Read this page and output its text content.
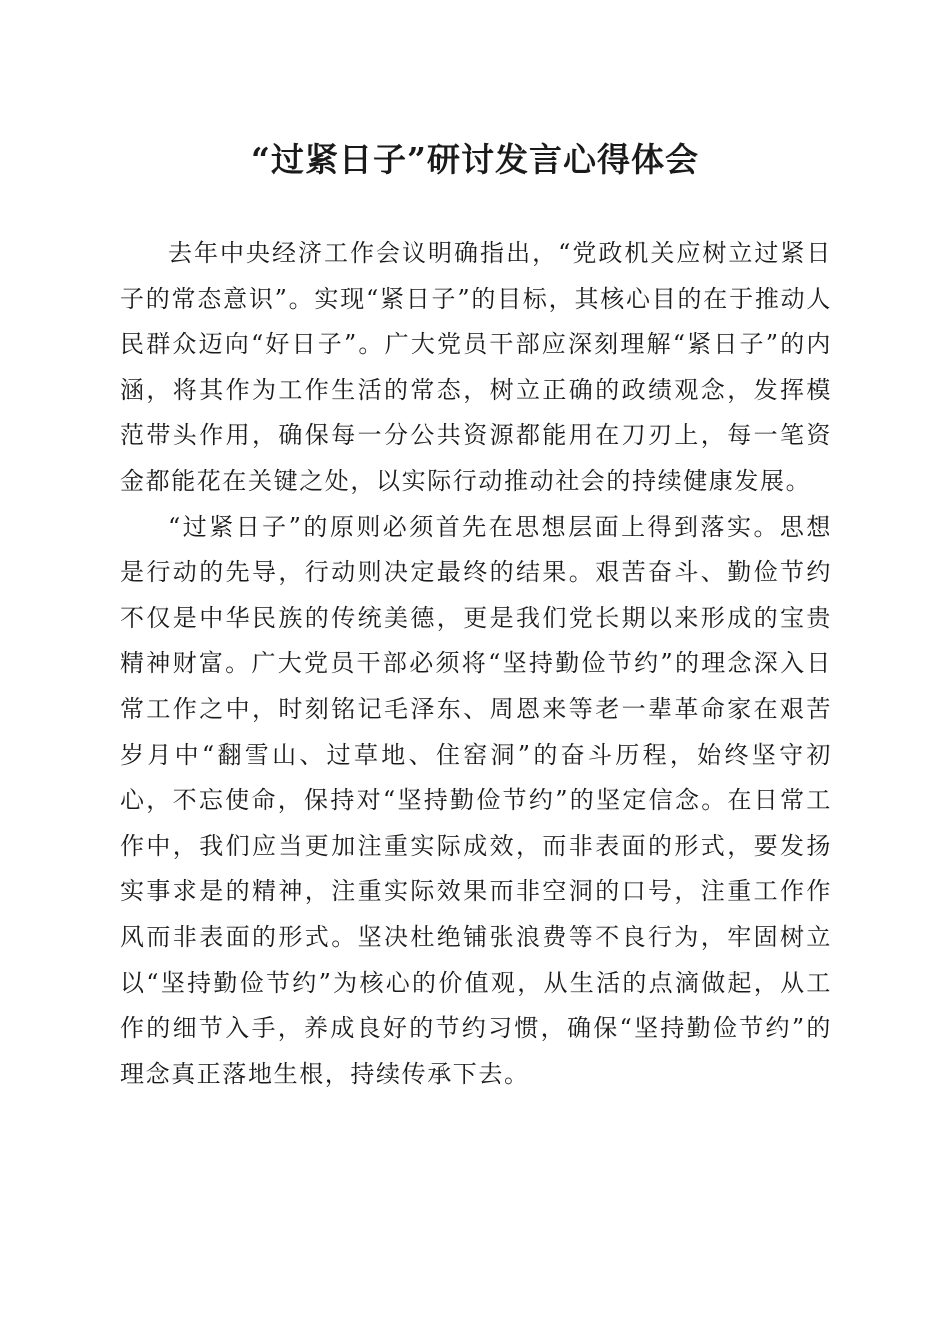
“过紧日子”研讨发言心得体会

去年中央经济工作会议明确指出，“党政机关应树立过紧日子的常态意识”。实现“紧日子”的目标，其核心目的在于推动人民群众迈向“好日子”。广大党员干部应深刻理解“紧日子”的内涵，将其作为工作生活的常态，树立正确的政绩观念，发挥模范带头作用，确保每一分公共资源都能用在刀刃上，每一笔资金都能花在关键之处，以实际行动推动社会的持续健康发展。

“过紧日子”的原则必须首先在思想层面上得到落实。思想是行动的先导，行动则决定最终的结果。艰苦奋斗、勤俭节约不仅是中华民族的传统美德，更是我们党长期以来形成的宝贵精神财富。广大党员干部必须将“坚持勤俭节约”的理念深入日常工作之中，时刻铭记毛泽东、周恩来等老一辈革命家在艰苦岁月中“翻雪山、过草地、住窑洞”的奋斗历程，始终坚守初心，不忘使命，保持对“坚持勤俭节约”的坚定信念。在日常工作中，我们应当更加注重实际成效，而非表面的形式，要发扬实事求是的精神，注重实际效果而非空洞的口号，注重工作作风而非表面的形式。坚决杜绝铺张浪费等不良行为，牢固树立以“坚持勤俭节约”为核心的价值观，从生活的点滴做起，从工作的细节入手，养成良好的节约习惯，确保“坚持勤俭节约”的理念真正落地生根，持续传承下去。
